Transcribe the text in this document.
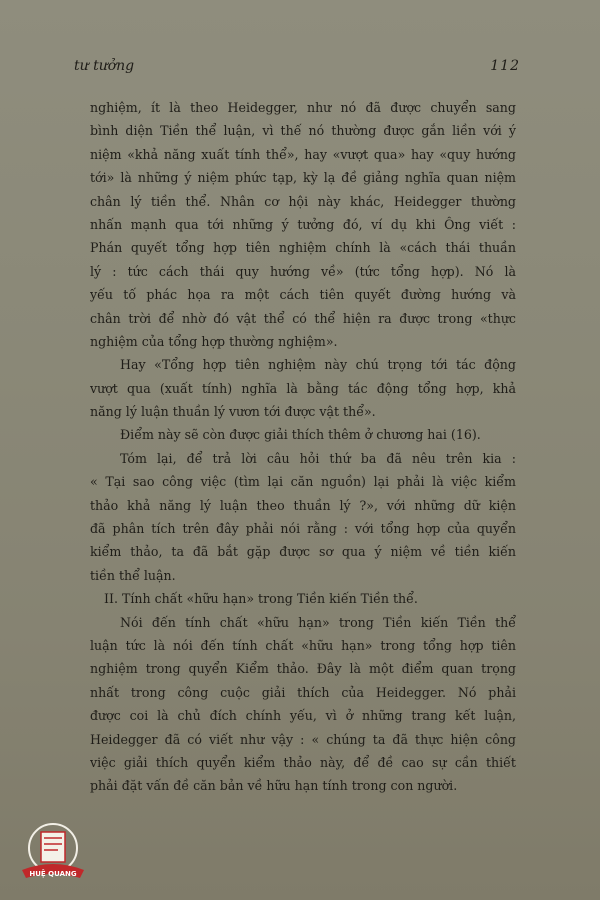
tư tưởng	112
nghiệm, ít là theo Heidegger, như nó đã được chuyển sang
bình diện Tiền thể luận, vì thế nó thường được gắn liền với ý
niệm «khả năng xuất tính thể», hay «vượt qua» hay «quy hướng
tới» là những ý niệm phức tạp, kỳ lạ đề giảng nghĩa quan niệm
chân lý tiền thể. Nhân cơ hội này khác, Heidegger thường
nhấn mạnh qua tới những ý tưởng đó, ví dụ khi Ông viết :
Phán quyết tổng hợp tiên nghiệm chính là «cách thái thuần
lý : tức cách thái quy hướng về» (tức tổng hợp). Nó là
yếu tố phác họa ra một cách tiên quyết đường hướng và
chân trời để nhờ đó vật thể có thể hiện ra được trong «thực
nghiệm của tổng hợp thường nghiệm».
Hay «Tổng hợp tiên nghiệm này chú trọng tới tác động
vượt qua (xuất tính) nghĩa là bằng tác động tổng hợp, khả
năng lý luận thuần lý vươn tới được vật thể».
Điểm này sẽ còn được giải thích thêm ở chương hai (16).
Tóm lại, để trả lời câu hỏi thứ ba đã nêu trên kia :
« Tại sao công việc (tìm lại căn nguồn) lại phải là việc kiểm
thảo khả năng lý luận theo thuần lý ?», với những dữ kiện
đã phân tích trên đây phải nói rằng : với tổng hợp của quyển
kiểm thảo, ta đã bắt gặp được sơ qua ý niệm về tiền kiến
tiền thể luận.
II. Tính chất «hữu hạn» trong Tiền kiến Tiền thể.
Nói đến tính chất «hữu hạn» trong Tiền kiến Tiền thể
luận tức là nói đến tính chất «hữu hạn» trong tổng hợp tiên
nghiệm trong quyển Kiểm thảo. Đây là một điểm quan trọng
nhất trong công cuộc giải thích của Heidegger. Nó phải
được coi là chủ đích chính yếu, vì ở những trang kết luận,
Heidegger đã có viết như vậy : « chúng ta đã thực hiện công
việc giải thích quyển kiểm thảo này, để đề cao sự cần thiết
phải đặt vấn đề căn bản về hữu hạn tính trong con người.
HUỆ QUANG
